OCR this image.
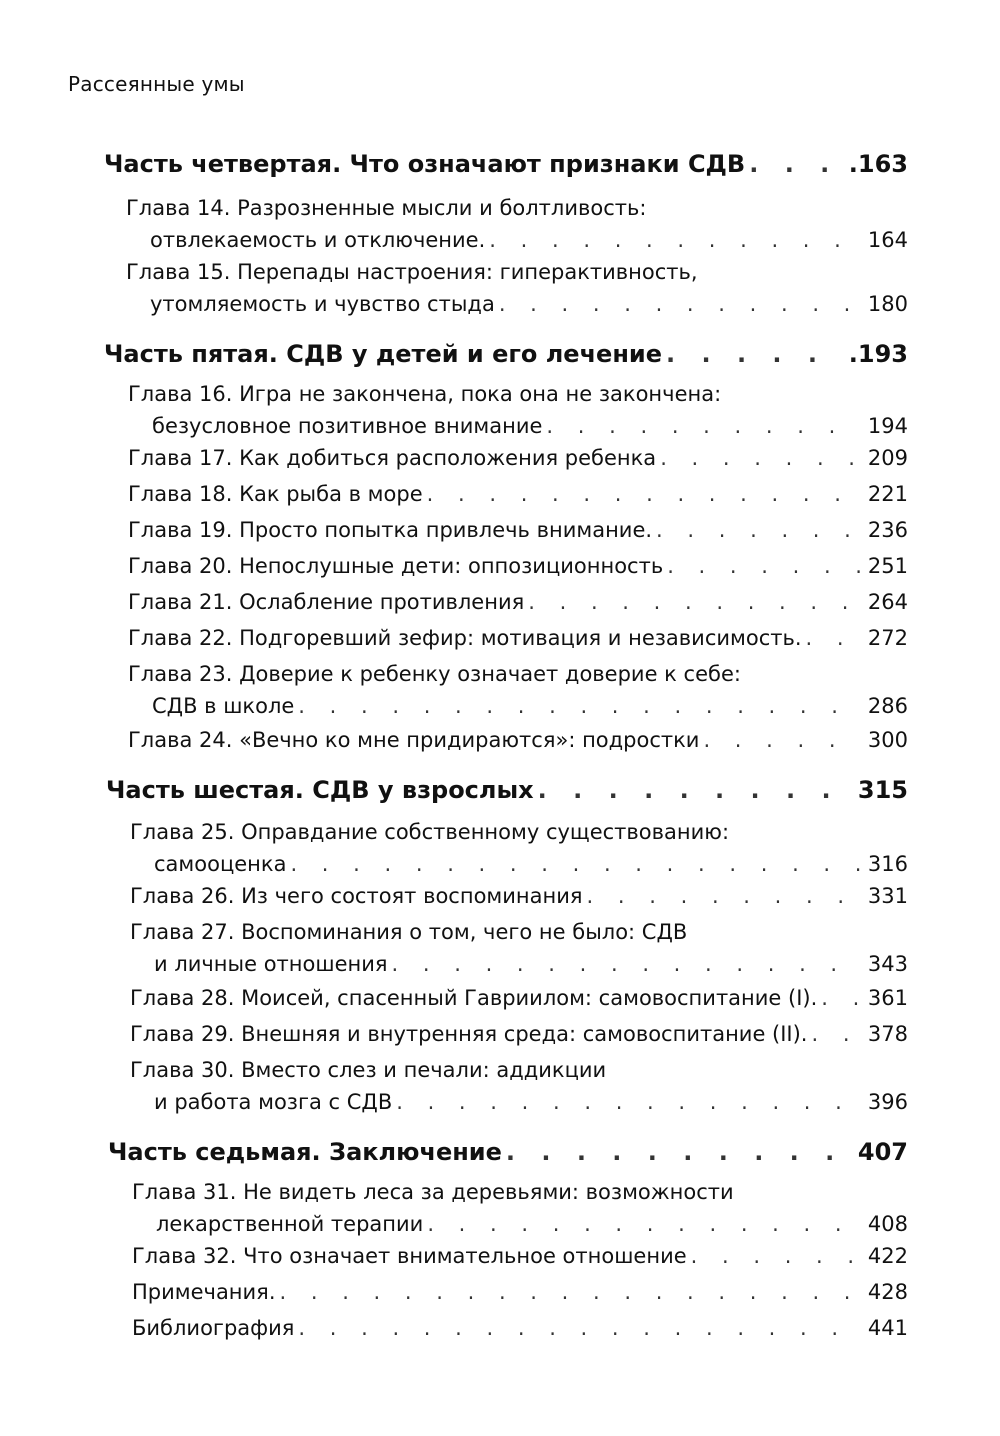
Рассеянные умы
Часть четвертая. Что означают признаки СДВ . . .	.163
Глава 14. Разрозненные мысли и болтливость:
отвлекаемость и отключение. . . .	164
Глава 15. Перепады настроения: гиперактивность,
утомляемость и чувство стыда . . .	180
Часть пятая. СДВ у детей и его лечение . . .	.193
Глава 16. Игра не закончена, пока она не закончена:
безусловное позитивное внимание . . .	194
Глава 17. Как добиться расположения ребенка . . .	209
Глава 18. Как рыба в море . . .	221
Глава 19. Просто попытка привлечь внимание. . . .	236
Глава 20. Непослушные дети: оппозиционность . . .	251
Глава 21. Ослабление противления . . .	264
Глава 22. Подгоревший зефир: мотивация и независимость. . . .	272
Глава 23. Доверие к ребенку означает доверие к себе:
СДВ в школе . . .	286
Глава 24. «Вечно ко мне придираются»: подростки . . .	300
Часть шестая. СДВ у взрослых . . .	315
Глава 25. Оправдание собственному существованию:
самооценка . . .	316
Глава 26. Из чего состоят воспоминания . . .	331
Глава 27. Воспоминания о том, чего не было: СДВ
и личные отношения . . .	343
Глава 28. Моисей, спасенный Гавриилом: самовоспитание (I). . . . 361
Глава 29. Внешняя и внутренняя среда: самовоспитание (II). . . .	378
Глава 30. Вместо слез и печали: аддикции
и работа мозга с СДВ . . .	396
Часть седьмая. Заключение . . .	407
Глава 31. Не видеть леса за деревьями: возможности
лекарственной терапии . . .	408
Глава 32. Что означает внимательное отношение . . .	422
Примечания. . . .	428
Библиография . . .	441
